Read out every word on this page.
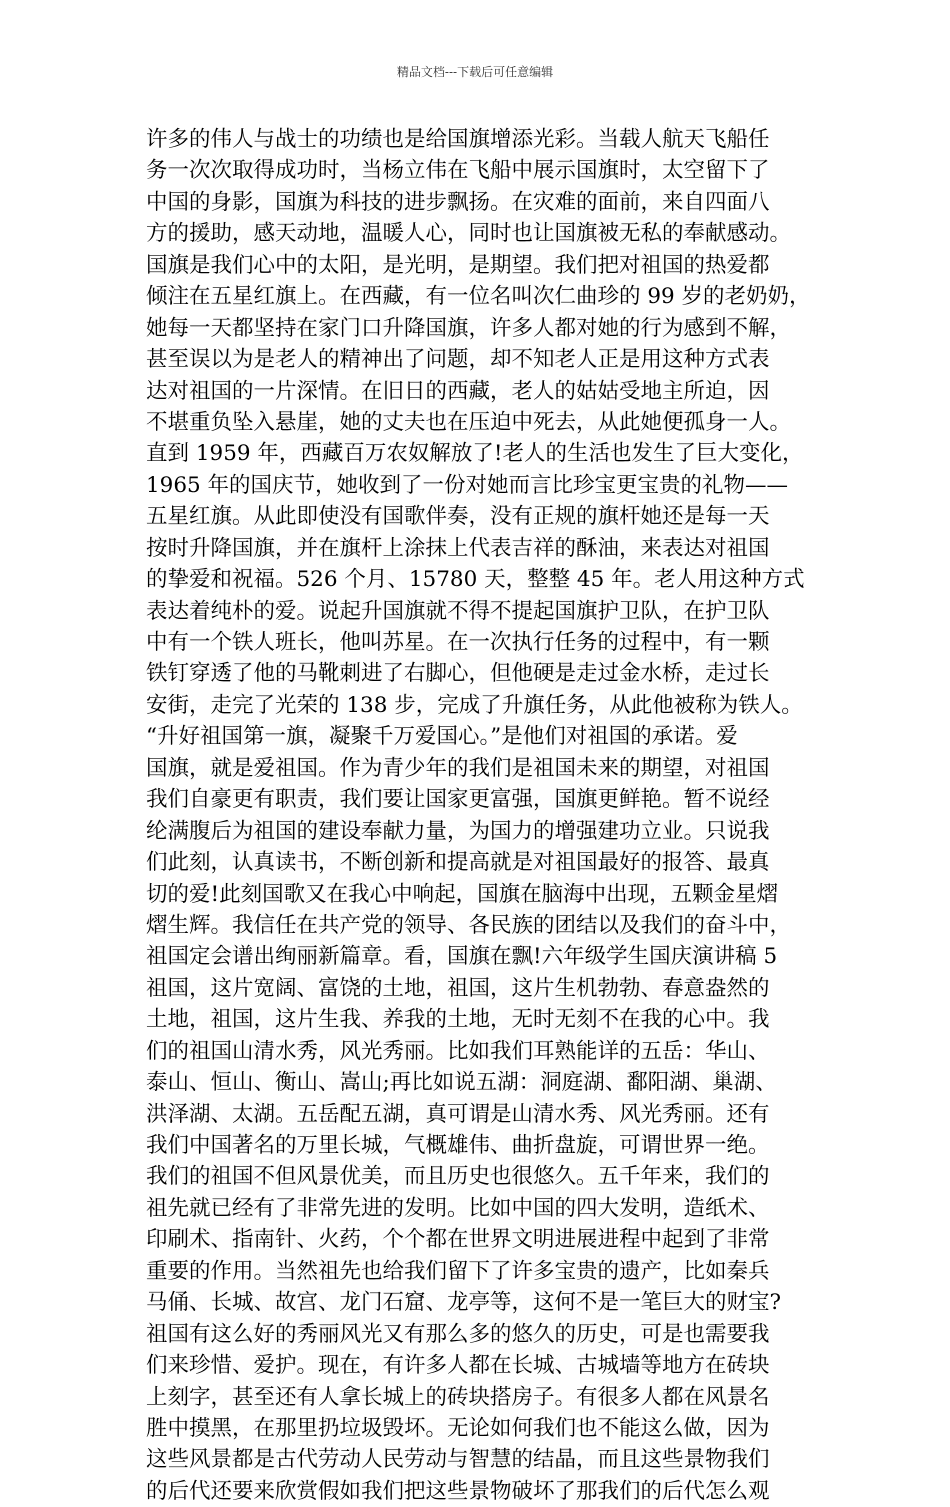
精品文档---下载后可任意编辑
许多的伟人与战士的功绩也是给国旗增添光彩。当载人航天飞船任
务一次次取得成功时，当杨立伟在飞船中展示国旗时，太空留下了
中国的身影，国旗为科技的进步飘扬。在灾难的面前，来自四面八
方的援助，感天动地，温暖人心，同时也让国旗被无私的奉献感动。
国旗是我们心中的太阳，是光明，是期望。我们把对祖国的热爱都
倾注在五星红旗上。在西藏，有一位名叫次仁曲珍的 99 岁的老奶奶，
她每一天都坚持在家门口升降国旗，许多人都对她的行为感到不解，
甚至误以为是老人的精神出了问题，却不知老人正是用这种方式表
达对祖国的一片深情。在旧日的西藏，老人的姑姑受地主所迫，因
不堪重负坠入悬崖，她的丈夫也在压迫中死去，从此她便孤身一人。
直到 1959 年，西藏百万农奴解放了!老人的生活也发生了巨大变化，
1965 年的国庆节，她收到了一份对她而言比珍宝更宝贵的礼物——
五星红旗。从此即使没有国歌伴奏，没有正规的旗杆她还是每一天
按时升降国旗，并在旗杆上涂抹上代表吉祥的酥油，来表达对祖国
的挚爱和祝福。526 个月、15780 天，整整 45 年。老人用这种方式
表达着纯朴的爱。说起升国旗就不得不提起国旗护卫队，在护卫队
中有一个铁人班长，他叫苏星。在一次执行任务的过程中，有一颗
铁钉穿透了他的马靴刺进了右脚心，但他硬是走过金水桥，走过长
安街，走完了光荣的 138 步，完成了升旗任务，从此他被称为铁人。
“升好祖国第一旗，凝聚千万爱国心。”是他们对祖国的承诺。爱
国旗，就是爱祖国。作为青少年的我们是祖国未来的期望，对祖国
我们自豪更有职责，我们要让国家更富强，国旗更鲜艳。暂不说经
纶满腹后为祖国的建设奉献力量，为国力的增强建功立业。只说我
们此刻，认真读书，不断创新和提高就是对祖国最好的报答、最真
切的爱!此刻国歌又在我心中响起，国旗在脑海中出现，五颗金星熠
熠生辉。我信任在共产党的领导、各民族的团结以及我们的奋斗中，
祖国定会谱出绚丽新篇章。看，国旗在飘!六年级学生国庆演讲稿 5
祖国，这片宽阔、富饶的土地，祖国，这片生机勃勃、春意盎然的
土地，祖国，这片生我、养我的土地，无时无刻不在我的心中。我
们的祖国山清水秀，风光秀丽。比如我们耳熟能详的五岳：华山、
泰山、恒山、衡山、嵩山;再比如说五湖：洞庭湖、鄱阳湖、巢湖、
洪泽湖、太湖。五岳配五湖，真可谓是山清水秀、风光秀丽。还有
我们中国著名的万里长城，气概雄伟、曲折盘旋，可谓世界一绝。
我们的祖国不但风景优美，而且历史也很悠久。五千年来，我们的
祖先就已经有了非常先进的发明。比如中国的四大发明，造纸术、
印刷术、指南针、火药，个个都在世界文明进展进程中起到了非常
重要的作用。当然祖先也给我们留下了许多宝贵的遗产，比如秦兵
马俑、长城、故宫、龙门石窟、龙亭等，这何不是一笔巨大的财宝?
祖国有这么好的秀丽风光又有那么多的悠久的历史，可是也需要我
们来珍惜、爱护。现在，有许多人都在长城、古城墙等地方在砖块
上刻字，甚至还有人拿长城上的砖块搭房子。有很多人都在风景名
胜中摸黑，在那里扔垃圾毁坏。无论如何我们也不能这么做，因为
这些风景都是古代劳动人民劳动与智慧的结晶，而且这些景物我们
的后代还要来欣赏假如我们把这些景物破坏了那我们的后代怎么观
